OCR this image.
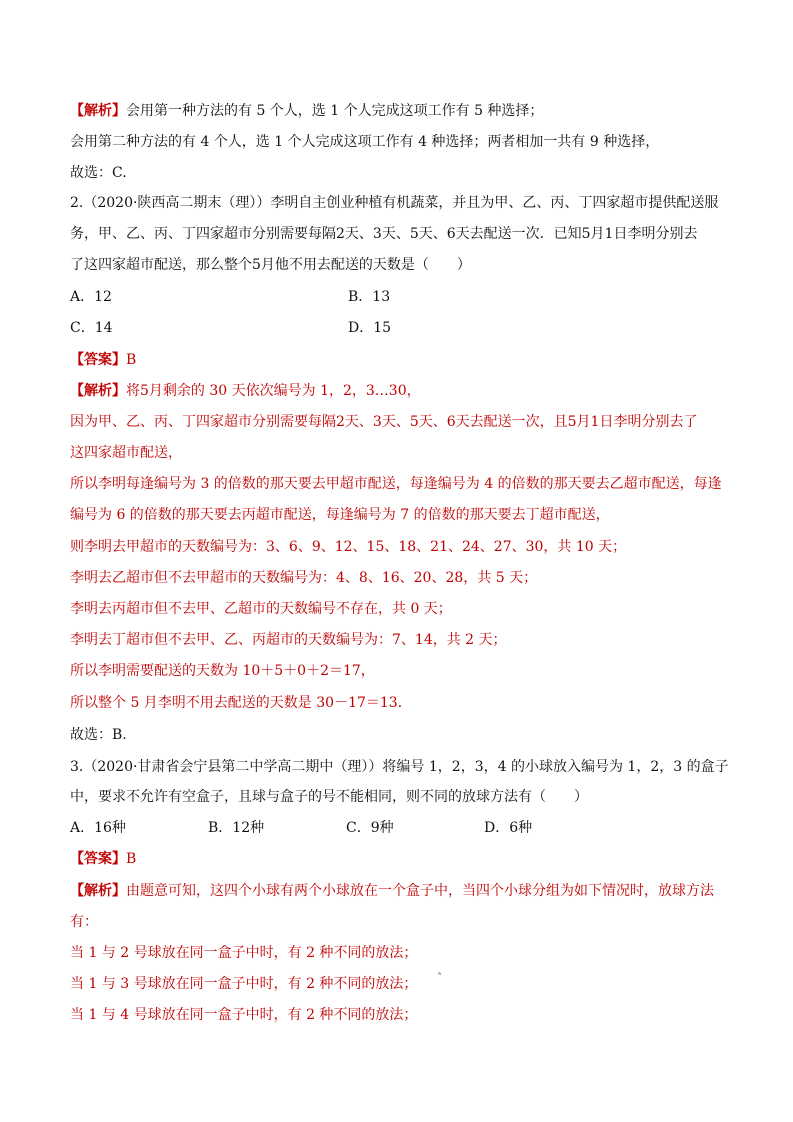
【解析】会用第一种方法的有 5 个人，选 1 个人完成这项工作有 5 种选择；
会用第二种方法的有 4 个人，选 1 个人完成这项工作有 4 种选择；两者相加一共有 9 种选择，
故选：C.
2.（2020·陕西高二期末（理））李明自主创业种植有机蔬菜，并且为甲、乙、丙、丁四家超市提供配送服
务，甲、乙、丙、丁四家超市分别需要每隔2天、3天、5天、6天去配送一次．已知5月1日李明分别去
了这四家超市配送，那么整个5月他不用去配送的天数是（　　）
A．12	B．13
C．14	D．15
【答案】B
【解析】将5月剩余的 30 天依次编号为 1，2，3…30，
因为甲、乙、丙、丁四家超市分别需要每隔2天、3天、5天、6天去配送一次，且5月1日李明分别去了
这四家超市配送，
所以李明每逢编号为 3 的倍数的那天要去甲超市配送，每逢编号为 4 的倍数的那天要去乙超市配送，每逢
编号为 6 的倍数的那天要去丙超市配送，每逢编号为 7 的倍数的那天要去丁超市配送，
则李明去甲超市的天数编号为：3、6、9、12、15、18、21、24、27、30，共 10 天；
李明去乙超市但不去甲超市的天数编号为：4、8、16、20、28，共 5 天；
李明去丙超市但不去甲、乙超市的天数编号不存在，共 0 天；
李明去丁超市但不去甲、乙、丙超市的天数编号为：7、14，共 2 天；
所以李明需要配送的天数为 10＋5＋0＋2＝17，
所以整个 5 月李明不用去配送的天数是 30－17＝13．
故选：B.
3.（2020·甘肃省会宁县第二中学高二期中（理））将编号 1，2，3，4 的小球放入编号为 1，2，3 的盒子
中，要求不允许有空盒子，且球与盒子的号不能相同，则不同的放球方法有（　　）
A．16种	B．12种	C．9种	D．6种
【答案】B
【解析】由题意可知，这四个小球有两个小球放在一个盒子中，当四个小球分组为如下情况时，放球方法
有：
当 1 与 2 号球放在同一盒子中时，有 2 种不同的放法；
当 1 与 3 号球放在同一盒子中时，有 2 种不同的放法；
当 1 与 4 号球放在同一盒子中时，有 2 种不同的放法；
ˆ
